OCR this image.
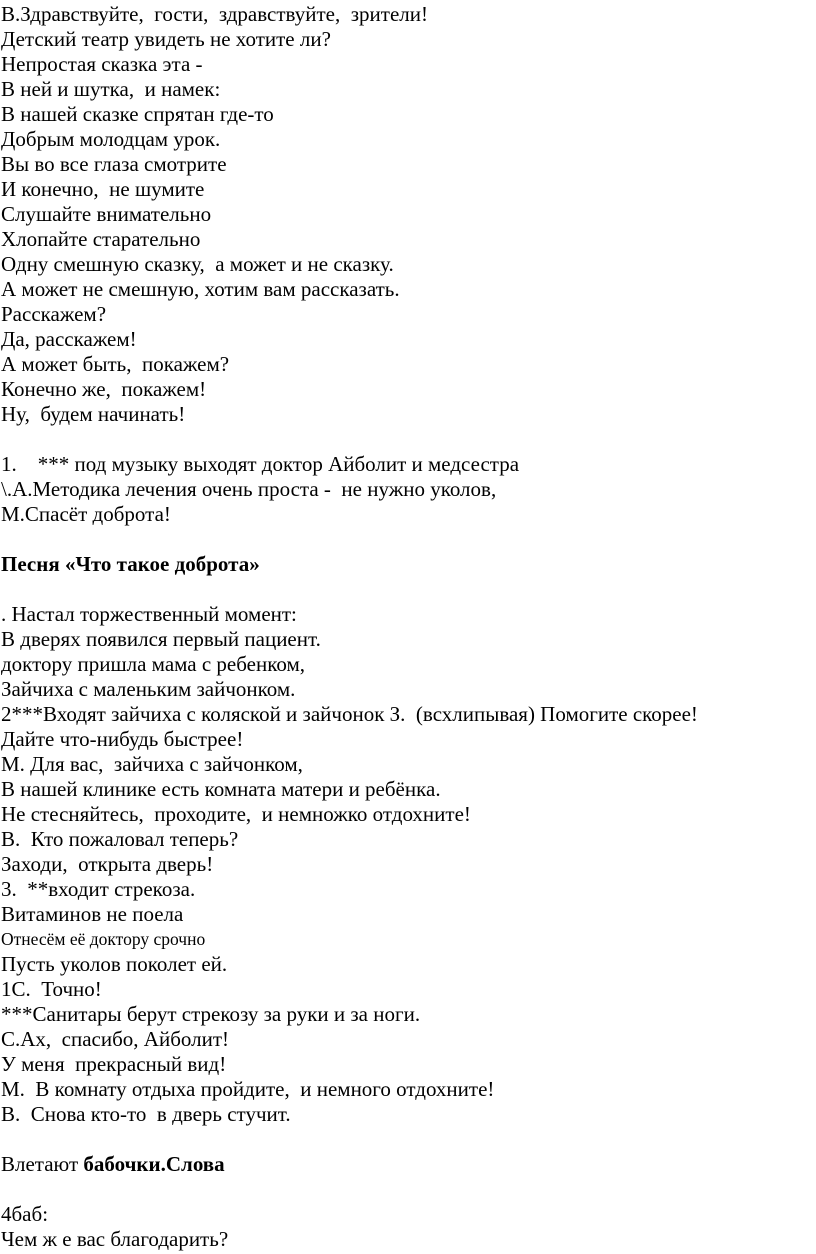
В.Здравствуйте,  гости,  здравствуйте,  зрители!

Детский театр увидеть не хотите ли?

Непростая сказка эта -

В ней и шутка,  и намек:

В нашей сказке спрятан где-то

Добрым молодцам урок.

Вы во все глаза смотрите

И конечно,  не шумите

Слушайте внимательно

Хлопайте старательно

Одну смешную сказку,  а может и не сказку.

А может не смешную, хотим вам рассказать.

Расскажем?

Да, расскажем!

А может быть,  покажем?

Конечно же,  покажем!

Ну,  будем начинать!

1.    *** под музыку выходят доктор Айболит и медсестра

\.А.Методика лечения очень проста -  не нужно уколов,

М.Спасёт доброта!

Песня «Что такое доброта»

. Настал торжественный момент:

В дверях появился первый пациент.

доктору пришла мама с ребенком,

Зайчиха с маленьким зайчонком.

2***Входят зайчиха с коляской и зайчонок З.  (всхлипывая) Помогите скорее!

Дайте что-нибудь быстрее!

М. Для вас,  зайчиха с зайчонком,

В нашей клинике есть комната матери и ребёнка.

Не стесняйтесь,  проходите,  и немножко отдохните!

В.  Кто пожаловал теперь?

Заходи,  открыта дверь!

3.  **входит стрекоза.

Витаминов не поела

Отнесём её доктору срочно

Пусть уколов поколет ей.

1С.  Точно!

***Санитары берут стрекозу за руки и за ноги.

С.Ах,  спасибо, Айболит!

У меня  прекрасный вид!

М.  В комнату отдыха пройдите,  и немного отдохните!

В.  Снова кто-то  в дверь стучит.

Влетают бабочки.Слова

4баб:

Чем ж е вас благодарить?
